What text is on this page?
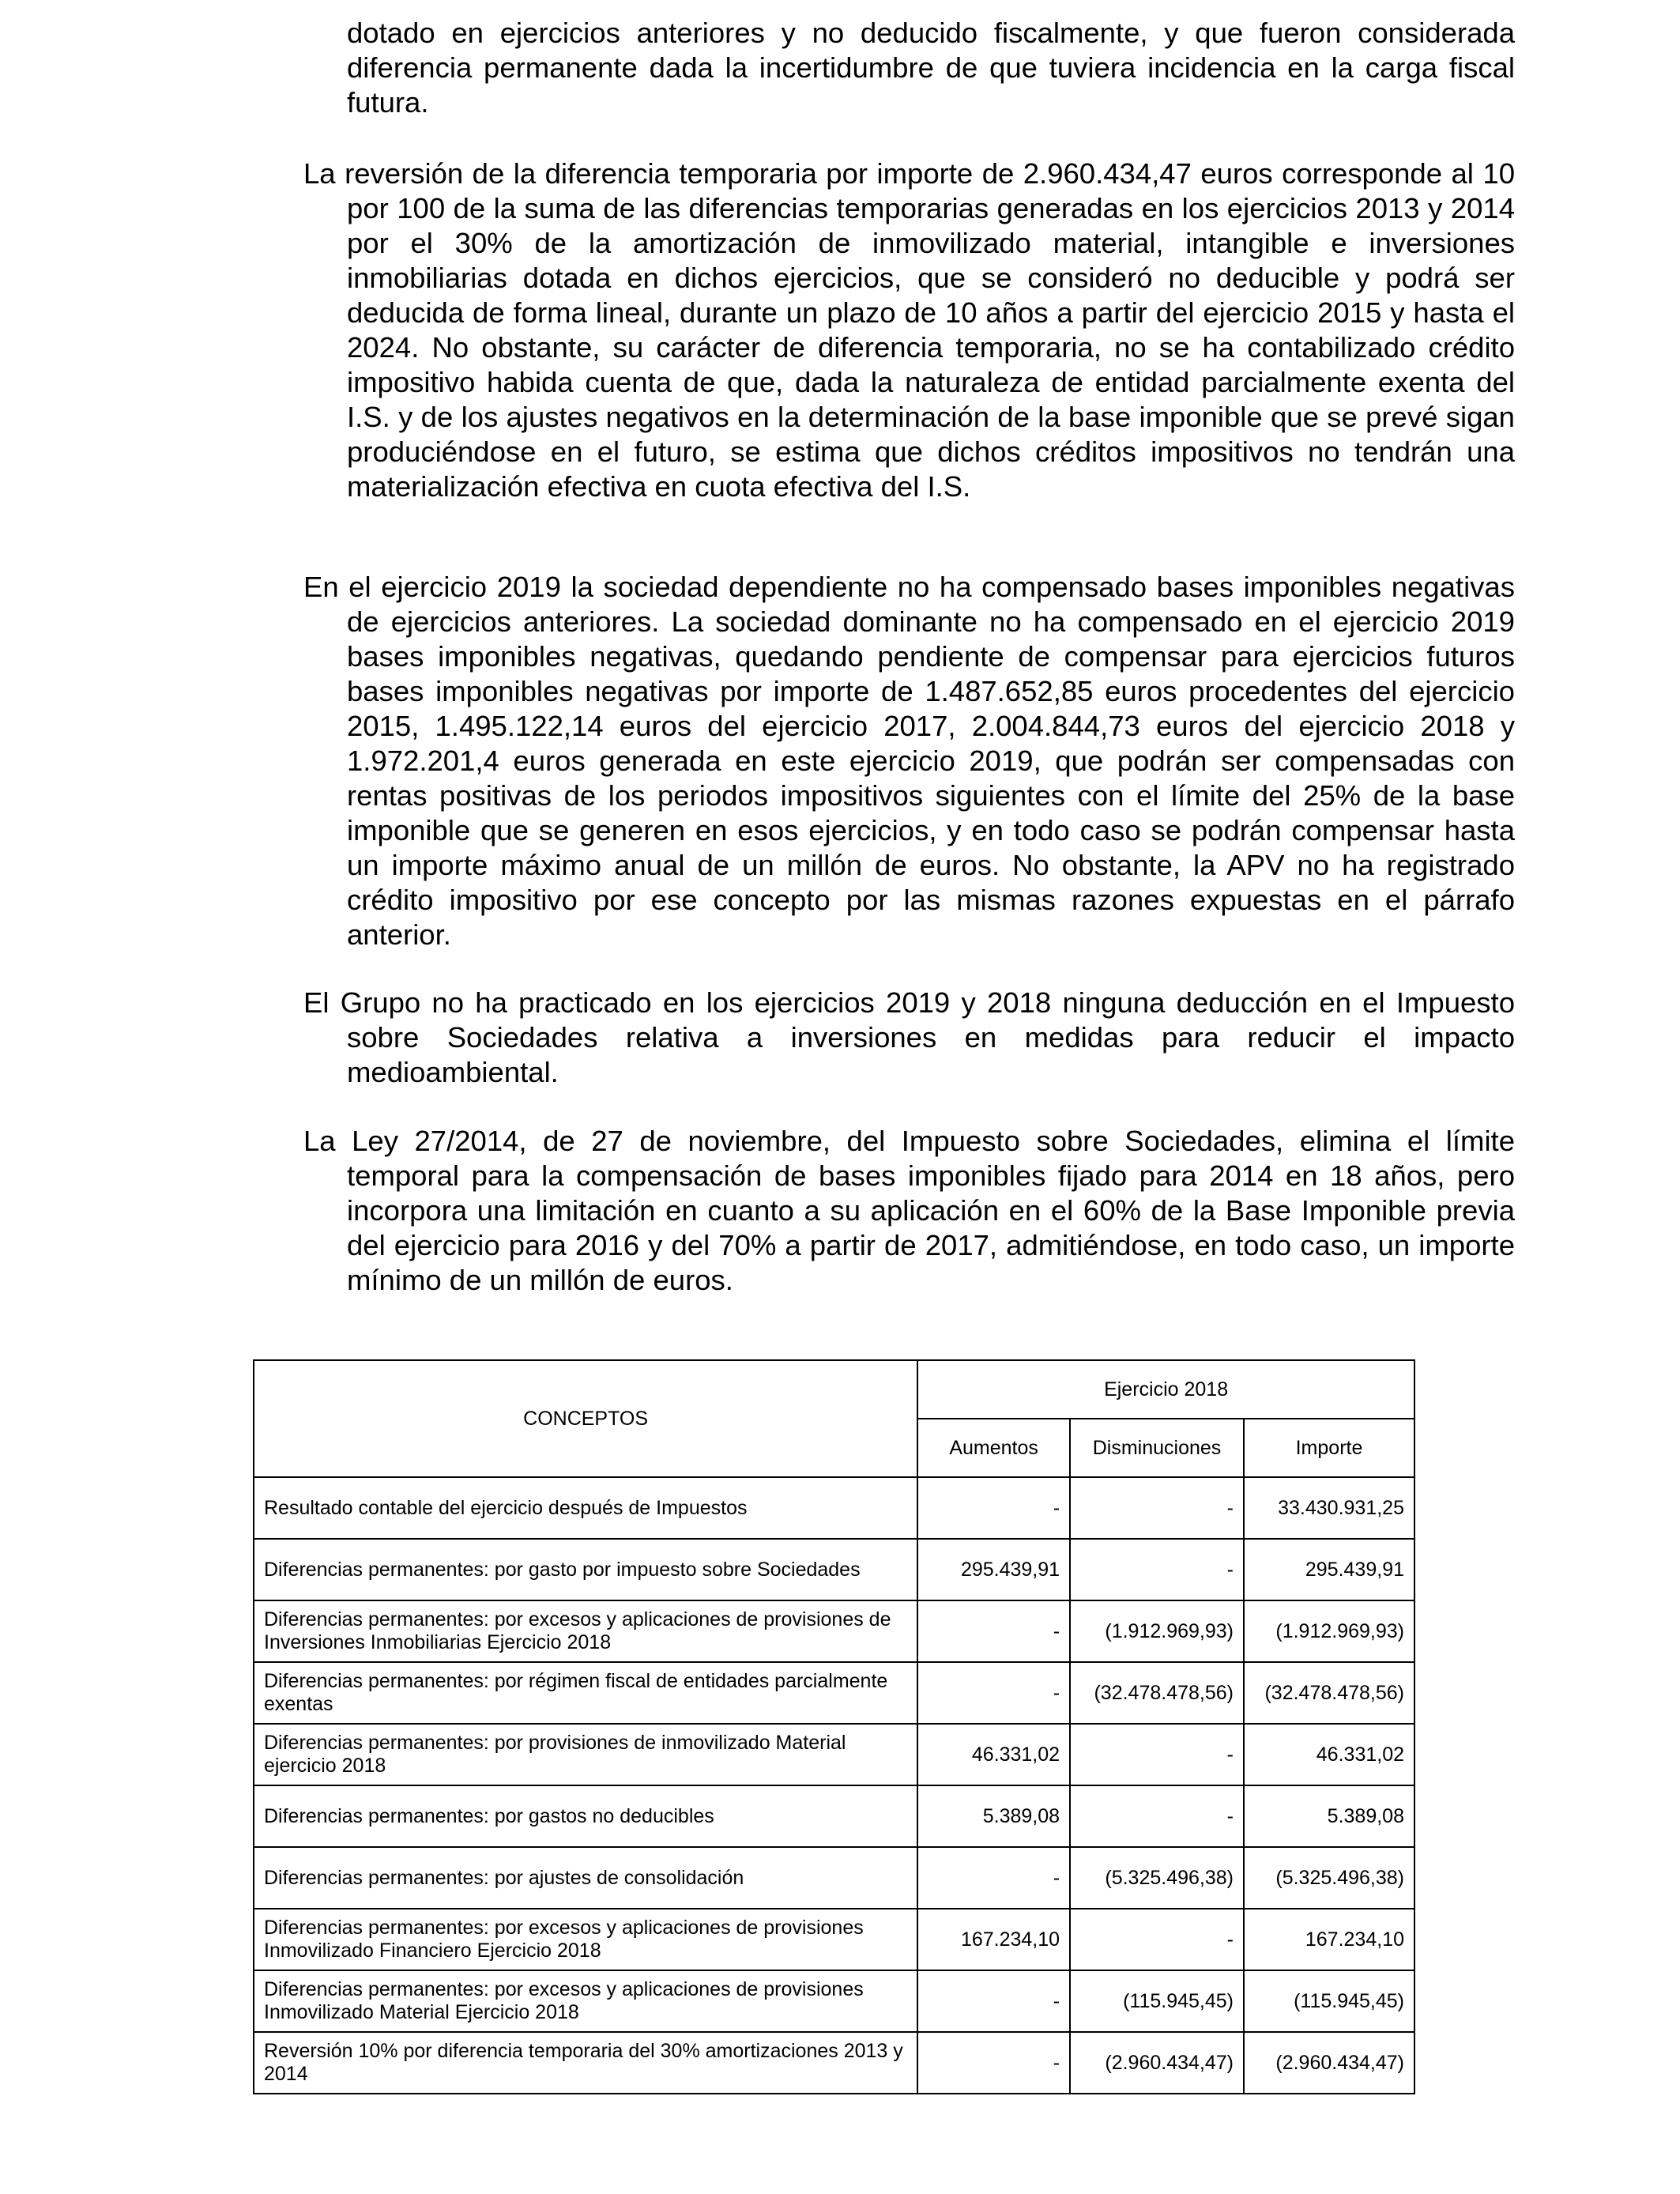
dotado en ejercicios anteriores y no deducido fiscalmente, y que fueron considerada diferencia permanente dada la incertidumbre de que tuviera incidencia en la carga fiscal futura.
La reversión de la diferencia temporaria por importe de 2.960.434,47 euros corresponde al 10 por 100 de la suma de las diferencias temporarias generadas en los ejercicios 2013 y 2014 por el 30% de la amortización de inmovilizado material, intangible e inversiones inmobiliarias dotada en dichos ejercicios, que se consideró no deducible y podrá ser deducida de forma lineal, durante un plazo de 10 años a partir del ejercicio 2015 y hasta el 2024. No obstante, su carácter de diferencia temporaria, no se ha contabilizado crédito impositivo habida cuenta de que, dada la naturaleza de entidad parcialmente exenta del I.S. y de los ajustes negativos en la determinación de la base imponible que se prevé sigan produciéndose en el futuro, se estima que dichos créditos impositivos no tendrán una materialización efectiva en cuota efectiva del I.S.
En el ejercicio 2019 la sociedad dependiente no ha compensado bases imponibles negativas de ejercicios anteriores. La sociedad dominante no ha compensado en el ejercicio 2019 bases imponibles negativas, quedando pendiente de compensar para ejercicios futuros bases imponibles negativas por importe de 1.487.652,85 euros procedentes del ejercicio 2015, 1.495.122,14 euros del ejercicio 2017, 2.004.844,73 euros del ejercicio 2018 y 1.972.201,4 euros generada en este ejercicio 2019, que podrán ser compensadas con rentas positivas de los periodos impositivos siguientes con el límite del 25% de la base imponible que se generen en esos ejercicios, y en todo caso se podrán compensar hasta un importe máximo anual de un millón de euros. No obstante, la APV no ha registrado crédito impositivo por ese concepto por las mismas razones expuestas en el párrafo anterior.
El Grupo no ha practicado en los ejercicios 2019 y 2018 ninguna deducción en el Impuesto sobre Sociedades relativa a inversiones en medidas para reducir el impacto medioambiental.
La Ley 27/2014, de 27 de noviembre, del Impuesto sobre Sociedades, elimina el límite temporal para la compensación de bases imponibles fijado para 2014 en 18 años, pero incorpora una limitación en cuanto a su aplicación en el 60% de la Base Imponible previa del ejercicio para 2016 y del 70% a partir de 2017, admitiéndose, en todo caso, un importe mínimo de un millón de euros.
CONCEPTOS	Ejercicio 2018		
	Aumentos	Disminuciones	Importe
Resultado contable del ejercicio después de Impuestos	-	-	33.430.931,25
Diferencias permanentes: por gasto por impuesto sobre Sociedades	295.439,91	-	295.439,91
Diferencias permanentes: por excesos y aplicaciones de provisiones de Inversiones Inmobiliarias Ejercicio 2018	-	(1.912.969,93)	(1.912.969,93)
Diferencias permanentes: por régimen fiscal de entidades parcialmente exentas	-	(32.478.478,56)	(32.478.478,56)
Diferencias permanentes: por provisiones de inmovilizado Material ejercicio 2018	46.331,02	-	46.331,02
Diferencias permanentes: por gastos no deducibles	5.389,08	-	5.389,08
Diferencias permanentes: por ajustes de consolidación	-	(5.325.496,38)	(5.325.496,38)
Diferencias permanentes: por excesos y aplicaciones de provisiones Inmovilizado Financiero Ejercicio 2018	167.234,10	-	167.234,10
Diferencias permanentes: por excesos y aplicaciones de provisiones Inmovilizado Material Ejercicio 2018	-	(115.945,45)	(115.945,45)
Reversión 10% por diferencia temporaria del 30% amortizaciones 2013 y 2014	-	(2.960.434,47)	(2.960.434,47)
